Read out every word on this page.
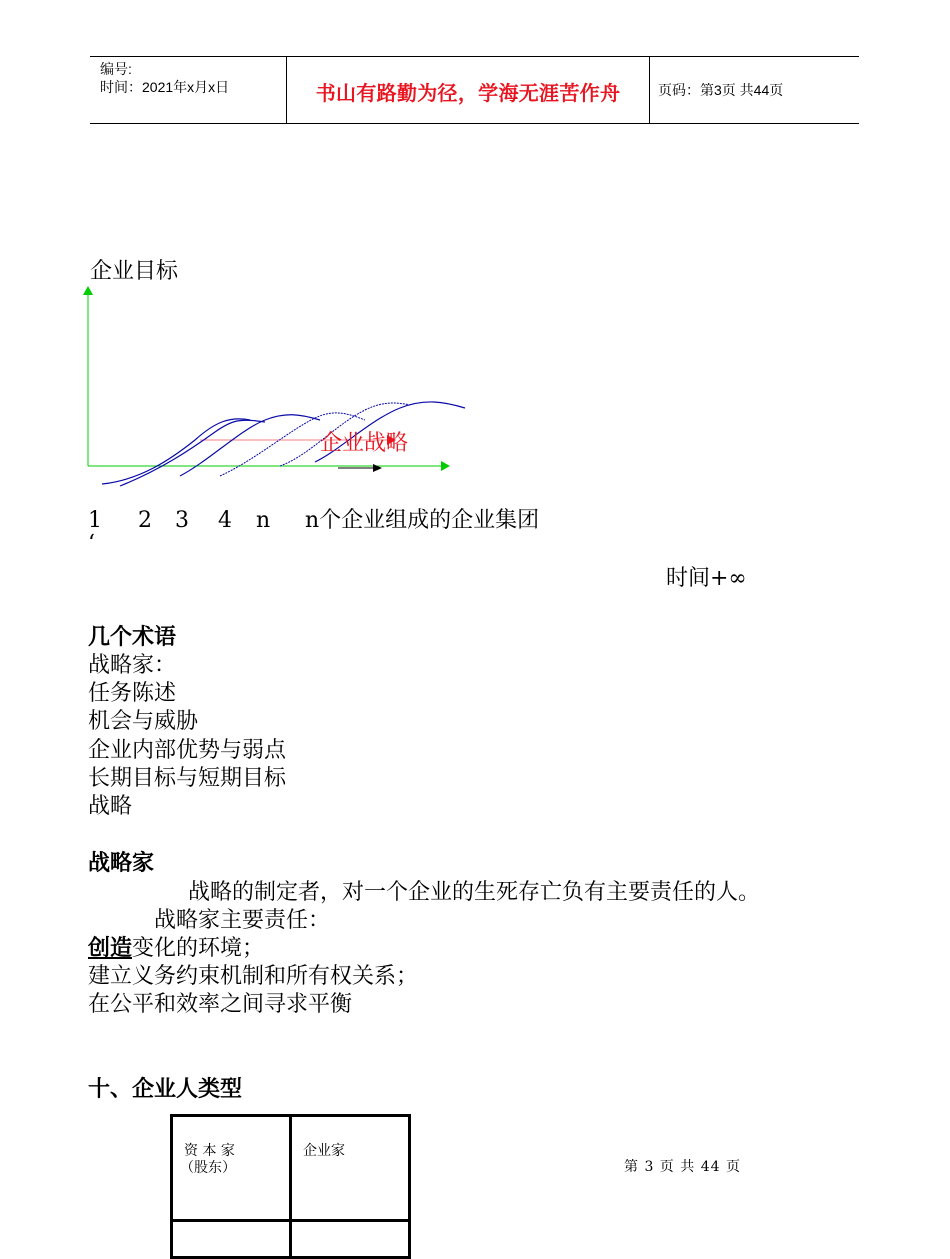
编号:
时间：2021年x月x日	书山有路勤为径，学海无涯苦作舟	页码：第3页 共44页
企业目标
企业战略
1 2 3 4 n n个企业组成的企业集团
‘
时间+∞
几个术语
战略家：
任务陈述
机会与威胁
企业内部优势与弱点
长期目标与短期目标
战略
战略家
战略的制定者，对一个企业的生死存亡负有主要责任的人。
战略家主要责任：
创造变化的环境；
建立义务约束机制和所有权关系；
在公平和效率之间寻求平衡
十、企业人类型
资 本 家
（股东）
企业家
第 3 页 共 44 页
